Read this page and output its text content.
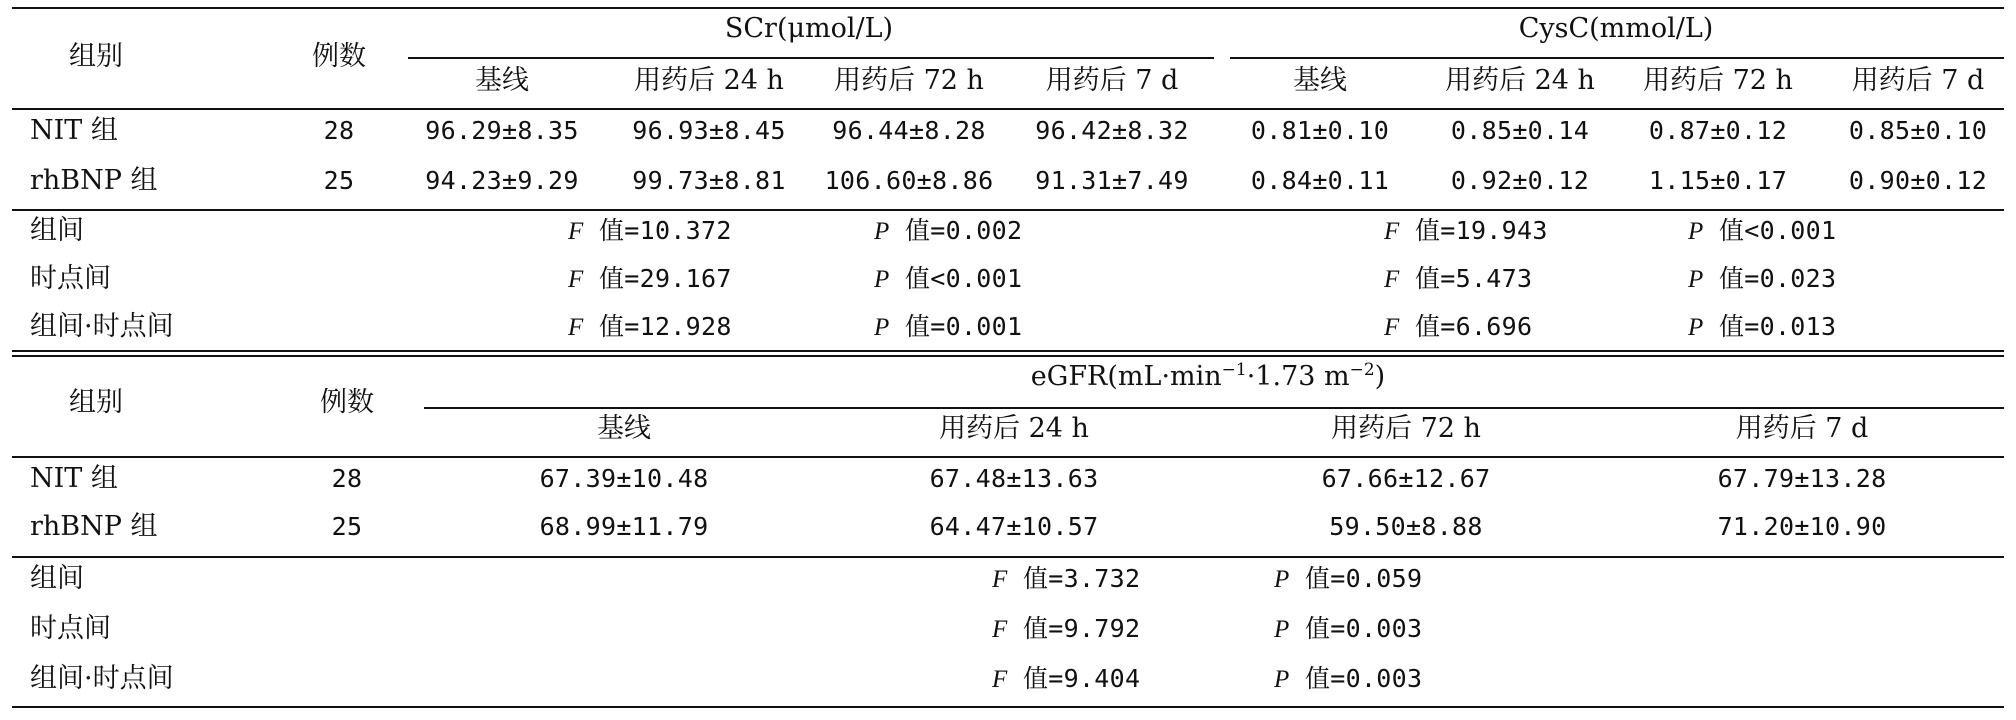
组别	例数
SCr(μmol/L)	CysC(mmol/L)
基线	用药后 24 h 用药后 72 h 用药后 7 d	基线	用药后 24 h 用药后 72 h 用药后 7 d
NIT 组	28	96.29±8.35 96.93±8.45 96.44±8.28 96.42±8.32 0.81±0.10 0.85±0.14 0.87±0.12 0.85±0.10
rhBNP 组	25	94.23±9.29 99.73±8.81 106.60±8.86 91.31±7.49 0.84±0.11 0.92±0.12 1.15±0.17 0.90±0.12
组间	F 值=10.372	P 值=0.002	F 值=19.943	P 值<0.001
时点间	F 值=29.167	P 值<0.001	F 值=5.473	P 值=0.023
组间·时点间	F 值=12.928	P 值=0.001	F 值=6.696	P 值=0.013
组别	例数
$eGFR(mL\cdot\min^{-1}\cdot 1.73$ $m^{-2}$)
基线	用药后 24 h	用药后 72 h	用药后 7 d
NIT 组	28	67.39±10.48	67.48±13.63	67.66±12.67	67.79±13.28
rhBNP 组	25	68.99±11.79	64.47±10.57	59.50±8.88	71.20±10.90
组间	F 值=3.732	P 值=0.059
时点间	F 值=9.792	P 值=0.003
组间·时点间	F 值=9.404	P 值=0.003
